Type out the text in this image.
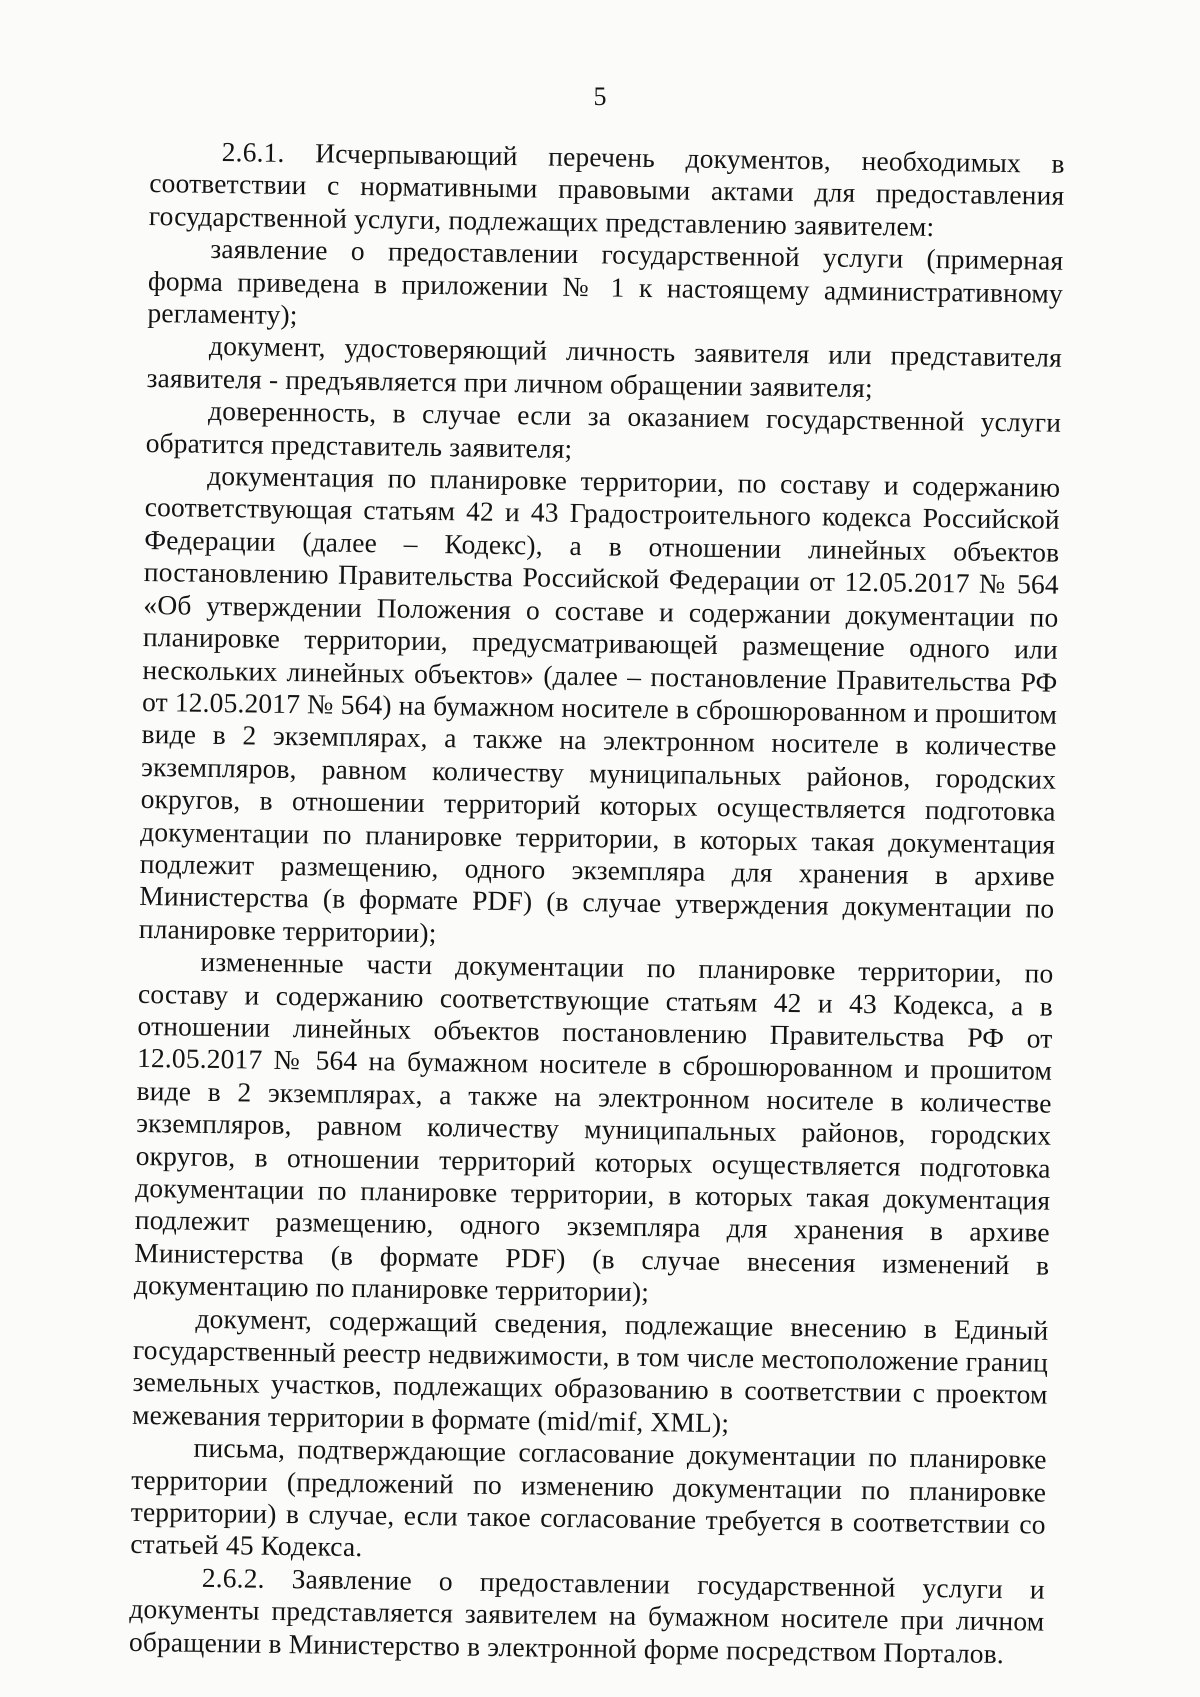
5

2.6.1. Исчерпывающий перечень документов, необходимых в соответствии с нормативными правовыми актами для предоставления государственной услуги, подлежащих представлению заявителем:

заявление о предоставлении государственной услуги (примерная форма приведена в приложении № 1 к настоящему административному регламенту);

документ, удостоверяющий личность заявителя или представителя заявителя - предъявляется при личном обращении заявителя;

доверенность, в случае если за оказанием государственной услуги обратится представитель заявителя;

документация по планировке территории, по составу и содержанию соответствующая статьям 42 и 43 Градостроительного кодекса Российской Федерации (далее – Кодекс), а в отношении линейных объектов постановлению Правительства Российской Федерации от 12.05.2017 № 564 «Об утверждении Положения о составе и содержании документации по планировке территории, предусматривающей размещение одного или нескольких линейных объектов» (далее – постановление Правительства РФ от 12.05.2017 № 564) на бумажном носителе в сброшюрованном и прошитом виде в 2 экземплярах, а также на электронном носителе в количестве экземпляров, равном количеству муниципальных районов, городских округов, в отношении территорий которых осуществляется подготовка документации по планировке территории, в которых такая документация подлежит размещению, одного экземпляра для хранения в архиве Министерства (в формате PDF) (в случае утверждения документации по планировке территории);

измененные части документации по планировке территории, по составу и содержанию соответствующие статьям 42 и 43 Кодекса, а в отношении линейных объектов постановлению Правительства РФ от 12.05.2017 № 564 на бумажном носителе в сброшюрованном и прошитом виде в 2 экземплярах, а также на электронном носителе в количестве экземпляров, равном количеству муниципальных районов, городских округов, в отношении территорий которых осуществляется подготовка документации по планировке территории, в которых такая документация подлежит размещению, одного экземпляра для хранения в архиве Министерства (в формате PDF) (в случае внесения изменений в документацию по планировке территории);

документ, содержащий сведения, подлежащие внесению в Единый государственный реестр недвижимости, в том числе местоположение границ земельных участков, подлежащих образованию в соответствии с проектом межевания территории в формате (mid/mif, XML);

письма, подтверждающие согласование документации по планировке территории (предложений по изменению документации по планировке территории) в случае, если такое согласование требуется в соответствии со статьей 45 Кодекса.

2.6.2. Заявление о предоставлении государственной услуги и документы представляется заявителем на бумажном носителе при личном обращении в Министерство в электронной форме посредством Порталов.
